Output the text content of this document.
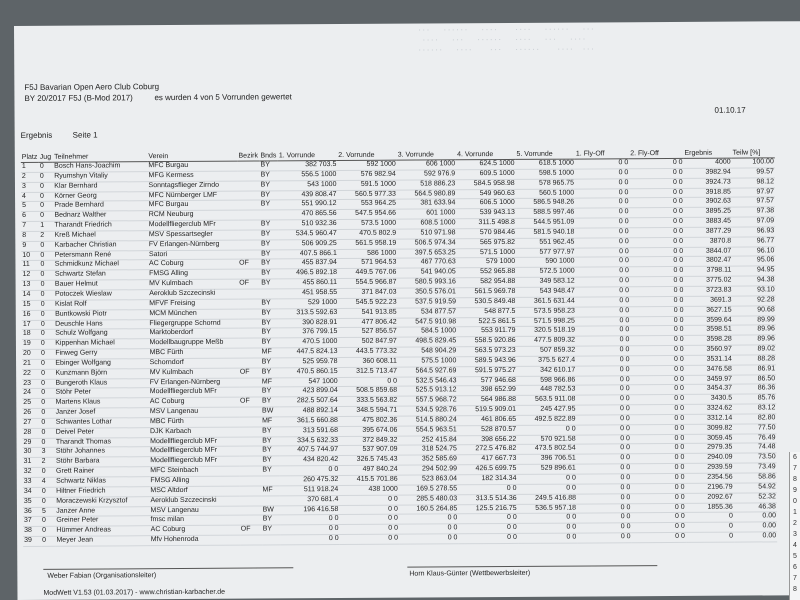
...   ......   ....    ....   ......   ...
....   ...   ......   ....   ...   ....
......   ....    ...   ......    ....  ...
F5J Bavarian Open Aero Club Coburg
BY 20/2017 F5J (B-Mod 2017)	es wurden 4 von 5 Vorrunden gewertet
01.10.17
Ergebnis	Seite 1
Platz	Jug	Teilnehmer	Verein	Bezirk	Bnds	1. Vorrunde	2. Vorrunde	3. Vorrunde	4. Vorrunde	5. Vorrunde	1. Fly-Off	2. Fly-Off	Ergebnis	Teilw [%]
1	0	Bosch Hans-Joachim	MFC Burgau		BY	382 703.5	592 1000	606 1000	624.5 1000	618.5 1000	0 0	0 0	4000	100.00
2	0	Ryumshyn Vitaliy	MFG Kermess		BY	556.5 1000	576 982.94	592 976.9	609.5 1000	598.5 1000	0 0	0 0	3982.94	99.57
3	0	Klar Bernhard	Sonntagsflieger Zirndo		BY	543 1000	591.5 1000	518 886.23	584.5 958.98	578 965.75	0 0	0 0	3924.73	98.12
4	0	Körner Georg	MFC Nürnberger LMF		BY	439 808.47	560.5 977.33	564.5 980.89	549 960.63	560.5 1000	0 0	0 0	3918.85	97.97
5	0	Prade Bernhard	MFC Burgau		BY	551 990.12	553 964.25	381 633.94	606.5 1000	586.5 948.26	0 0	0 0	3902.63	97.57
6	0	Bednarz Walther	RCM Neuburg			470 865.56	547.5 954.66	601 1000	539 943.13	588.5 997.46	0 0	0 0	3895.25	97.38
7	1	Tharandt Friedrich	Modellfliegerclub MFr		BY	510 932.36	573.5 1000	608.5 1000	311.5 498.8	544.5 951.09	0 0	0 0	3883.45	97.09
8	2	Kreß Michael	MSV Spessartsegler		BY	534.5 960.47	470.5 802.9	510 971.98	570 984.46	581.5 940.18	0 0	0 0	3877.29	96.93
9	0	Karbacher Christian	FV Erlangen-Nürnberg		BY	506 909.25	561.5 958.19	506.5 974.34	565 975.82	551 962.45	0 0	0 0	3870.8	96.77
10	0	Petersmann René	Satori		BY	407.5 866.1	586 1000	397.5 653.25	571.5 1000	577 977.97	0 0	0 0	3844.07	96.10
11	0	Schmidkunz Michael	AC Coburg	OF	BY	455 837.94	571 964.53	467 770.63	579 1000	590 1000	0 0	0 0	3802.47	95.06
12	0	Schwartz Stefan	FMSG Alling		BY	496.5 892.18	449.5 767.06	541 940.05	552 965.88	572.5 1000	0 0	0 0	3798.11	94.95
13	0	Bauer Helmut	MV Kulmbach	OF	BY	455 860.11	554.5 966.87	580.5 993.16	582 954.88	349 583.12	0 0	0 0	3775.02	94.38
14	0	Potoczek Wieslaw	Aeroklub Szczecinski			451 958.55	371 847.03	350.5 576.01	561.5 969.78	543 948.47	0 0	0 0	3723.83	93.10
15	0	Kislat Rolf	MFVF Freising		BY	529 1000	545.5 922.23	537.5 919.59	530.5 849.48	361.5 631.44	0 0	0 0	3691.3	92.28
16	0	Buntkowski Piotr	MCM München		BY	313.5 592.63	541 913.85	534 877.57	548 877.5	573.5 958.23	0 0	0 0	3627.15	90.68
17	0	Deuschle Hans	Fliegergruppe Schornd		BY	390 828.91	477 806.42	547.5 910.98	522.5 861.5	571.5 998.25	0 0	0 0	3599.64	89.99
18	0	Schulz Wolfgang	Marktoberdorf		BY	376 799.15	527 856.57	584.5 1000	553 911.79	320.5 518.19	0 0	0 0	3598.51	89.96
19	0	Kippenhan Michael	Modellbaugruppe Meßb		BY	470.5 1000	502 847.97	498.5 829.45	558.5 920.86	477.5 809.32	0 0	0 0	3598.28	89.96
20	0	Finweg Gerry	MBC Fürth		MF	447.5 824.13	443.5 773.32	548 904.29	563.5 973.23	507 859.32	0 0	0 0	3560.97	89.02
21	0	Ebinger Wolfgang	Schorndorf		BY	525 959.78	360 608.11	575.5 1000	589.5 943.96	375.5 627.4	0 0	0 0	3531.14	88.28
22	0	Kunzmann Björn	MV Kulmbach	OF	BY	470.5 860.15	312.5 713.47	564.5 927.69	591.5 975.27	342 610.17	0 0	0 0	3476.58	86.91
23	0	Bungeroth Klaus	FV Erlangen-Nürnberg		MF	547 1000	0 0	532.5 546.43	577 946.68	598 966.86	0 0	0 0	3459.97	86.50
24	0	Stöhr Peter	Modellfliegerclub MFr		BY	423 899.04	508.5 859.68	525.5 913.12	398 652.99	448 782.53	0 0	0 0	3454.37	86.36
25	0	Martens Klaus	AC Coburg	OF	BY	282.5 507.64	333.5 563.82	557.5 968.72	564 986.88	563.5 911.08	0 0	0 0	3430.5	85.76
26	0	Janzer Josef	MSV Langenau		BW	488 892.14	348.5 594.71	534.5 928.76	519.5 909.01	245 427.95	0 0	0 0	3324.62	83.12
27	0	Schwantes Lothar	MBC Fürth		MF	361.5 660.88	475 802.36	514.5 880.24	461 806.65	492.5 822.89	0 0	0 0	3312.14	82.80
28	0	Deivel Peter	DJK Karbach		BY	313 591.68	395 674.06	554.5 963.51	528 870.57	0 0	0 0	0 0	3099.82	77.50
29	0	Tharandt Thomas	Modellfliegerclub MFr		BY	334.5 632.33	372 849.32	252 415.84	398 656.22	570 921.58	0 0	0 0	3059.45	76.49
30	3	Stöhr Johannes	Modellfliegerclub MFr		BY	407.5 744.97	537 907.09	318 524.75	272.5 476.82	473.5 802.54	0 0	0 0	2979.35	74.48
31	2	Stöhr Barbara	Modellfliegerclub MFr		BY	434 820.42	326.5 745.43	352 585.69	417 667.73	396 706.51	0 0	0 0	2940.09	73.50
32	0	Grett Rainer	MFC Steinbach		BY	0 0	497 840.24	294 502.99	426.5 699.75	529 896.61	0 0	0 0	2939.59	73.49
33	4	Schwartz Niklas	FMSG Alling			260 475.32	415.5 701.86	523 863.04	182 314.34	0 0	0 0	0 0	2354.56	58.86
34	0	Hiltner Friedrich	MSC Altdorf		MF	511 918.24	438 1000	169.5 278.55	0 0	0 0	0 0	0 0	2196.79	54.92
35	0	Moraczewski Krzysztof	Aeroklub Szczecinski			370 681.4	0 0	285.5 480.03	313.5 514.36	249.5 416.88	0 0	0 0	2092.67	52.32
36	5	Janzer Anne	MSV Langenau		BW	196 416.58	0 0	160.5 264.85	125.5 216.75	536.5 957.18	0 0	0 0	1855.36	46.38
37	0	Greiner Peter	fmsc milan		BY	0 0	0 0	0 0	0 0	0 0	0 0	0 0	0	0.00
38	0	Hümmer Andreas	AC Coburg	OF	BY	0 0	0 0	0 0	0 0	0 0	0 0	0 0	0	0.00
39	0	Meyer Jean	Mfv Hohenroda			0 0	0 0	0 0	0 0	0 0	0 0	0 0	0	0.00
Weber Fabian (Organisationsleiter)	Horn Klaus-Günter (Wettbewerbsleiter)
ModWett V1.53 (01.03.2017) - www.christian-karbacher.de
6
7
8
9
0
1
2
3
4
5
6
7
8
